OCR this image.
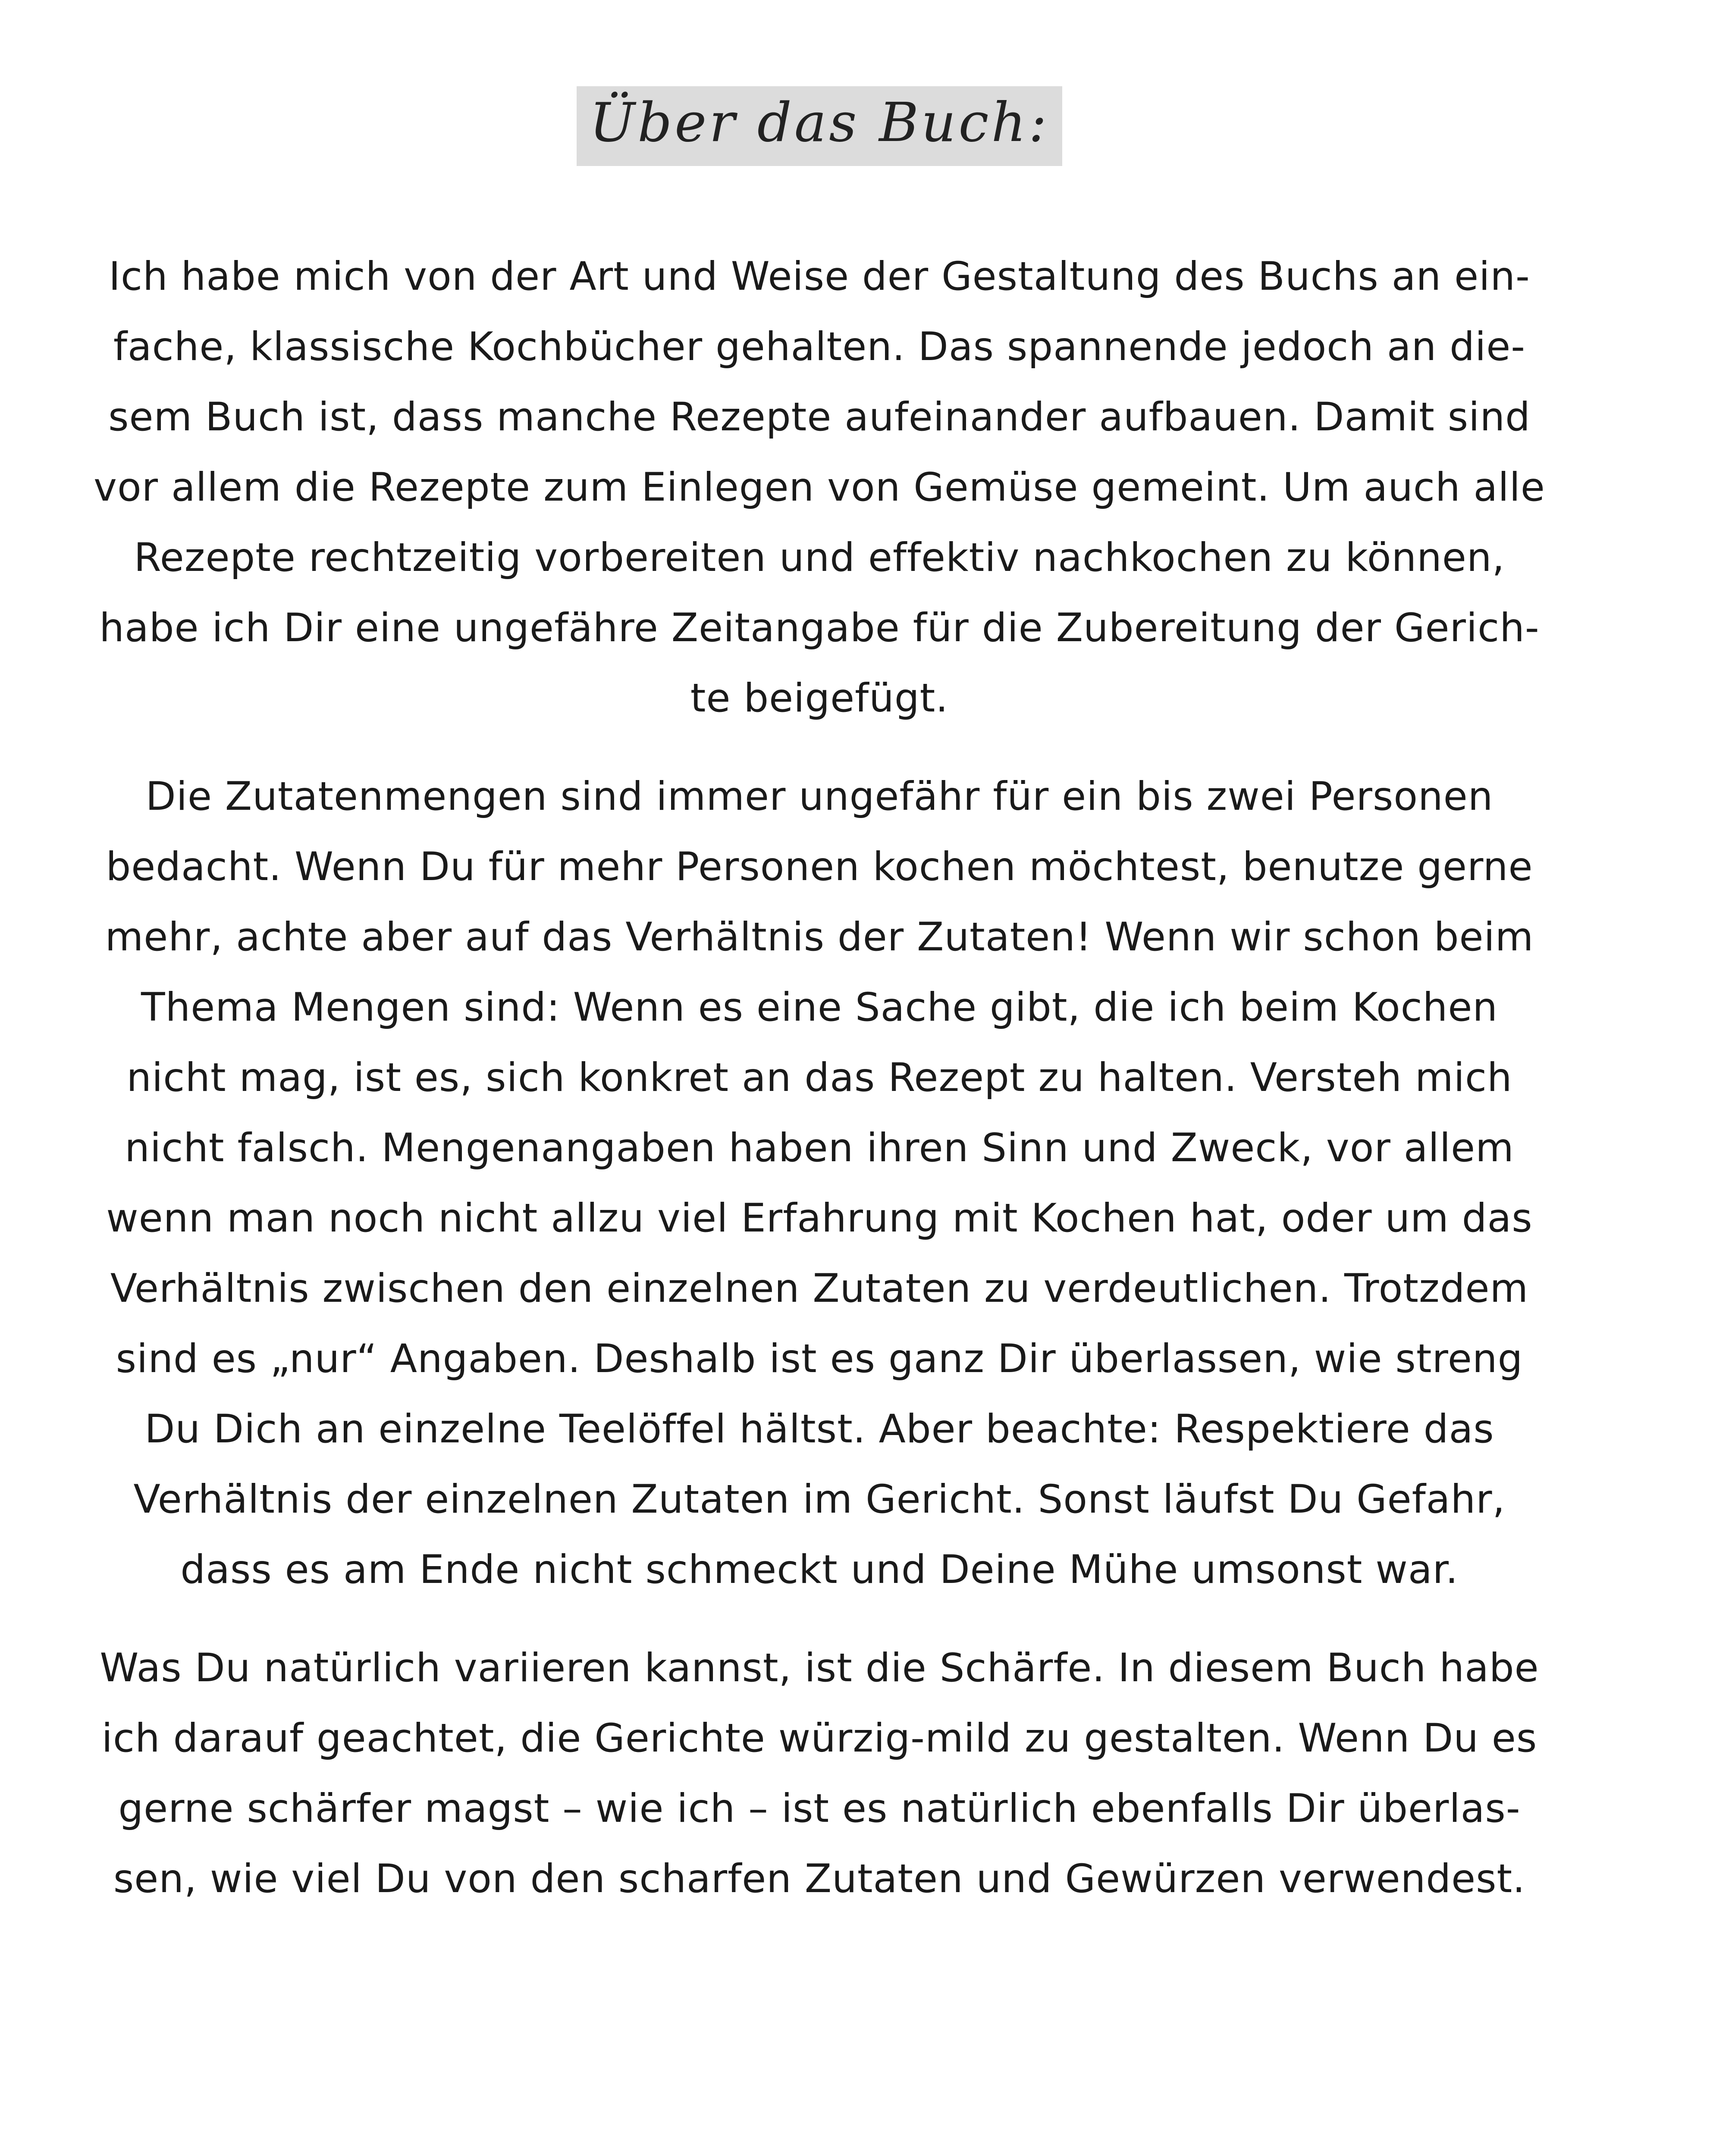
Über das Buch:

Ich habe mich von der Art und Weise der Gestaltung des Buchs an ein-
fache, klassische Kochbücher gehalten. Das spannende jedoch an die-
sem Buch ist, dass manche Rezepte aufeinander aufbauen. Damit sind
vor allem die Rezepte zum Einlegen von Gemüse gemeint. Um auch alle
Rezepte rechtzeitig vorbereiten und effektiv nachkochen zu können,
habe ich Dir eine ungefähre Zeitangabe für die Zubereitung der Gerich-
te beigefügt.

Die Zutatenmengen sind immer ungefähr für ein bis zwei Personen
bedacht. Wenn Du für mehr Personen kochen möchtest, benutze gerne
mehr, achte aber auf das Verhältnis der Zutaten! Wenn wir schon beim
Thema Mengen sind: Wenn es eine Sache gibt, die ich beim Kochen
nicht mag, ist es, sich konkret an das Rezept zu halten. Versteh mich
nicht falsch. Mengenangaben haben ihren Sinn und Zweck, vor allem
wenn man noch nicht allzu viel Erfahrung mit Kochen hat, oder um das
Verhältnis zwischen den einzelnen Zutaten zu verdeutlichen. Trotzdem
sind es „nur“ Angaben. Deshalb ist es ganz Dir überlassen, wie streng
Du Dich an einzelne Teelöffel hältst. Aber beachte: Respektiere das
Verhältnis der einzelnen Zutaten im Gericht. Sonst läufst Du Gefahr,
dass es am Ende nicht schmeckt und Deine Mühe umsonst war.

Was Du natürlich variieren kannst, ist die Schärfe. In diesem Buch habe
ich darauf geachtet, die Gerichte würzig-mild zu gestalten. Wenn Du es
gerne schärfer magst – wie ich – ist es natürlich ebenfalls Dir überlas-
sen, wie viel Du von den scharfen Zutaten und Gewürzen verwendest.
